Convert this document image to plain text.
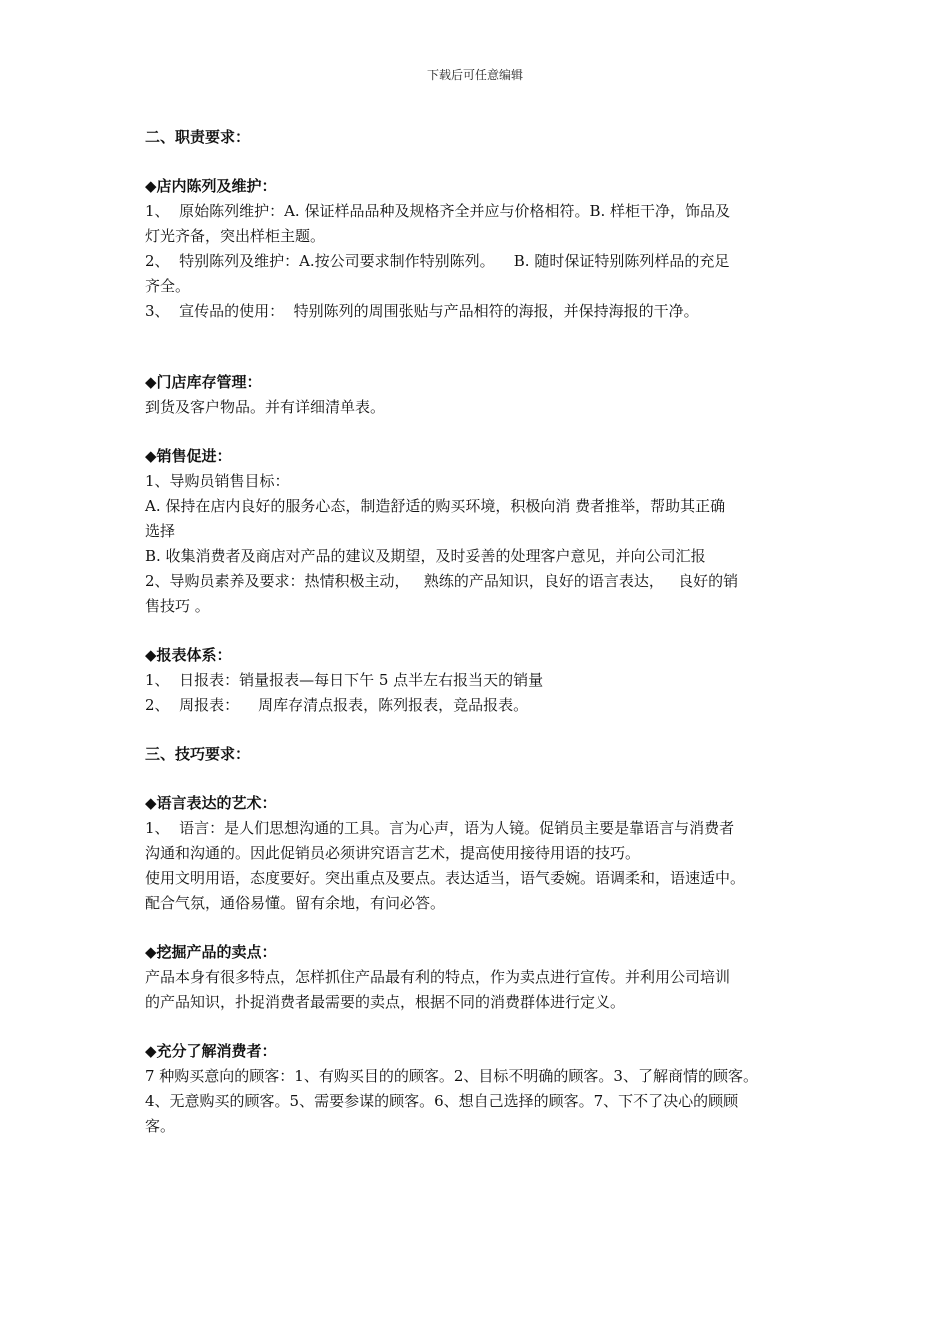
下载后可任意编辑

二、职责要求：

◆店内陈列及维护：

1、  原始陈列维护：A. 保证样品品种及规格齐全并应与价格相符。B. 样柜干净，饰品及

灯光齐备，突出样柜主题。

2、  特别陈列及维护：A.按公司要求制作特别陈列。    B. 随时保证特别陈列样品的充足

齐全。

3、  宣传品的使用：  特别陈列的周围张贴与产品相符的海报，并保持海报的干净。

◆门店库存管理：

到货及客户物品。并有详细清单表。

◆销售促进：

1、导购员销售目标：

A. 保持在店内良好的服务心态，制造舒适的购买环境，积极向消 费者推举，帮助其正确

选择

B. 收集消费者及商店对产品的建议及期望，及时妥善的处理客户意见，并向公司汇报

2、导购员素养及要求：热情积极主动，   熟练的产品知识，良好的语言表达，   良好的销

售技巧 。

◆报表体系：

1、  日报表：销量报表—每日下午 5 点半左右报当天的销量

2、  周报表：    周库存清点报表，陈列报表，竞品报表。

三、技巧要求：

◆语言表达的艺术：

1、  语言：是人们思想沟通的工具。言为心声，语为人镜。促销员主要是靠语言与消费者

沟通和沟通的。因此促销员必须讲究语言艺术，提高使用接待用语的技巧。

使用文明用语，态度要好。突出重点及要点。表达适当，语气委婉。语调柔和，语速适中。

配合气氛，通俗易懂。留有余地，有问必答。

◆挖掘产品的卖点：

产品本身有很多特点，怎样抓住产品最有利的特点，作为卖点进行宣传。并利用公司培训

的产品知识，扑捉消费者最需要的卖点，根据不同的消费群体进行定义。

◆充分了解消费者：

7 种购买意向的顾客：1、有购买目的的顾客。2、目标不明确的顾客。3、了解商情的顾客。

4、无意购买的顾客。5、需要参谋的顾客。6、想自己选择的顾客。7、下不了决心的顾顾

客。
